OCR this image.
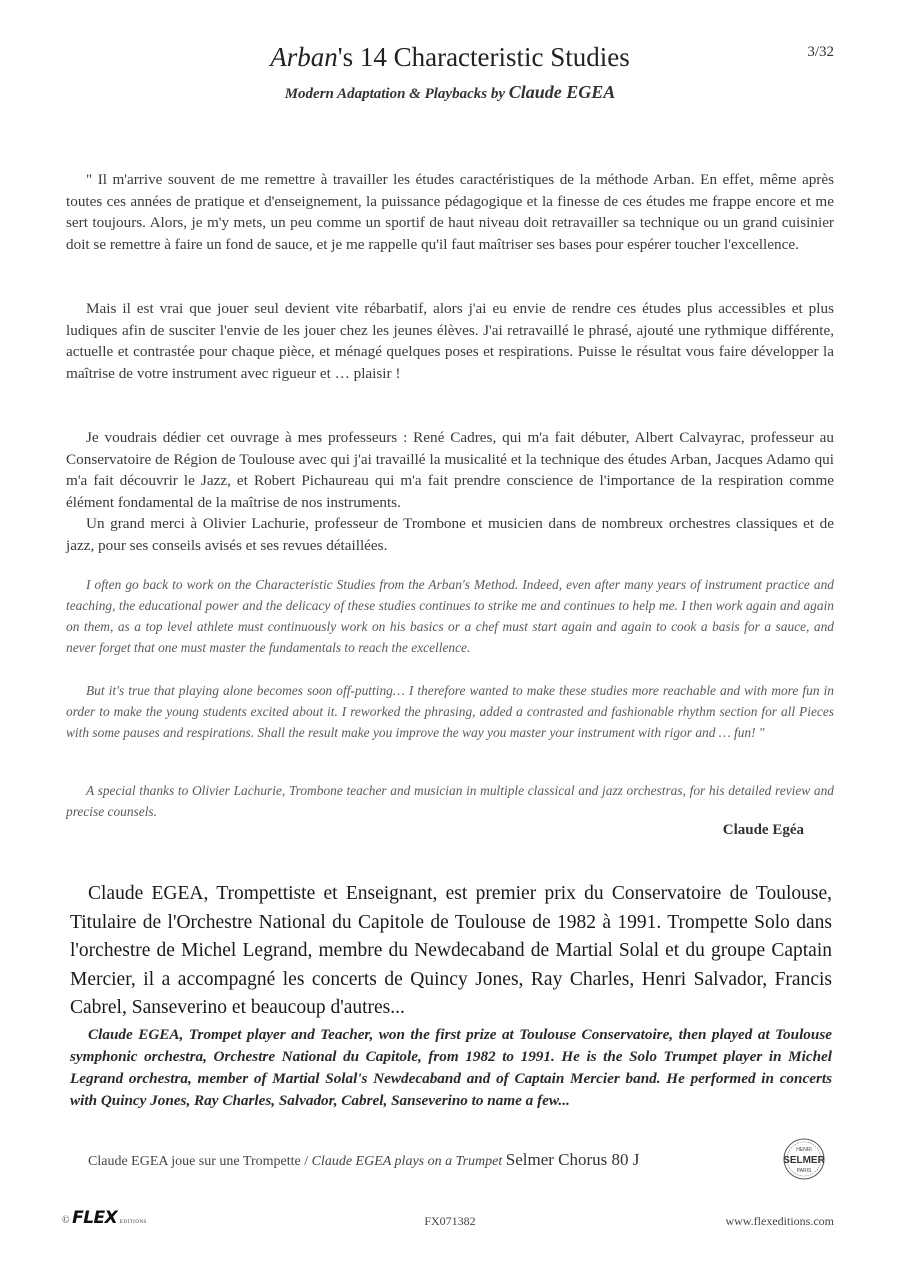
3/32
Arban's 14 Characteristic Studies
Modern Adaptation & Playbacks by Claude EGEA

" Il m'arrive souvent de me remettre à travailler les études caractéristiques de la méthode Arban. En effet, même après toutes ces années de pratique et d'enseignement, la puissance pédagogique et la finesse de ces études me frappe encore et me sert toujours. Alors, je m'y mets, un peu comme un sportif de haut niveau doit retravailler sa technique ou un grand cuisinier doit se remettre à faire un fond de sauce, et je me rappelle qu'il faut maîtriser ses bases pour espérer toucher l'excellence.

Mais il est vrai que jouer seul devient vite rébarbatif, alors j'ai eu envie de rendre ces études plus accessibles et plus ludiques afin de susciter l'envie de les jouer chez les jeunes élèves. J'ai retravaillé le phrasé, ajouté une rythmique différente, actuelle et contrastée pour chaque pièce, et ménagé quelques poses et respirations. Puisse le résultat vous faire développer la maîtrise de votre instrument avec rigueur et … plaisir !

Je voudrais dédier cet ouvrage à mes professeurs : René Cadres, qui m'a fait débuter, Albert Calvayrac, professeur au Conservatoire de Région de Toulouse avec qui j'ai travaillé la musicalité et la technique des études Arban, Jacques Adamo qui m'a fait découvrir le Jazz, et Robert Pichaureau qui m'a fait prendre conscience de l'importance de la respiration comme élément fondamental de la maîtrise de nos instruments.

Un grand merci à Olivier Lachurie, professeur de Trombone et musicien dans de nombreux orchestres classiques et de jazz, pour ses conseils avisés et ses revues détaillées.

I often go back to work on the Characteristic Studies from the Arban's Method. Indeed, even after many years of instrument practice and teaching, the educational power and the delicacy of these studies continues to strike me and continues to help me. I then work again and again on them, as a top level athlete must continuously work on his basics or a chef must start again and again to cook a basis for a sauce, and never forget that one must master the fundamentals to reach the excellence.

But it's true that playing alone becomes soon off-putting… I therefore wanted to make these studies more reachable and with more fun in order to make the young students excited about it. I reworked the phrasing, added a contrasted and fashionable rhythm section for all Pieces with some pauses and respirations. Shall the result make you improve the way you master your instrument with rigor and … fun! "

A special thanks to Olivier Lachurie, Trombone teacher and musician in multiple classical and jazz orchestras, for his detailed review and precise counsels.

Claude Egéa

Claude EGEA, Trompettiste et Enseignant, est premier prix du Conservatoire de Toulouse, Titulaire de l'Orchestre National du Capitole de Toulouse de 1982 à 1991. Trompette Solo dans l'orchestre de Michel Legrand, membre du Newdecaband de Martial Solal et du groupe Captain Mercier, il a accompagné les concerts de Quincy Jones, Ray Charles, Henri Salvador, Francis Cabrel, Sanseverino et beaucoup d'autres...

Claude EGEA, Trompet player and Teacher, won the first prize at Toulouse Conservatoire, then played at Toulouse symphonic orchestra, Orchestre National du Capitole, from 1982 to 1991. He is the Solo Trumpet player in Michel Legrand orchestra, member of Martial Solal's Newdecaband and of Captain Mercier band. He performed in concerts with Quincy Jones, Ray Charles, Salvador, Cabrel, Sanseverino to name a few...

Claude EGEA joue sur une Trompette / Claude EGEA plays on a Trumpet Selmer Chorus 80 J	HENRI
SELMER
PARIS
© FLEX EDITIONS	FX071382	www.flexeditions.com
